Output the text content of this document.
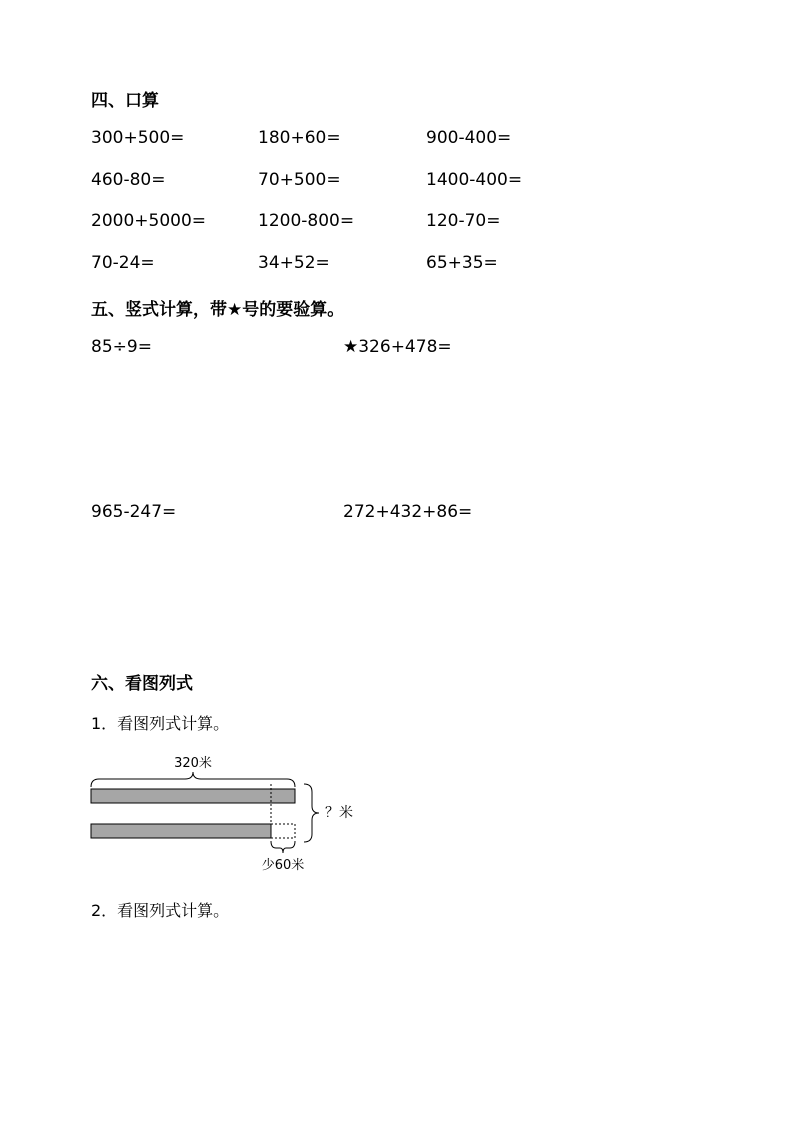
四、口算
300+500=	180+60=	900-400=
460-80=	70+500=	1400-400=
2000+5000=	1200-800=	120-70=
70-24=	34+52=	65+35=
五、竖式计算，带★号的要验算。
85÷9=	★326+478=
965-247=	272+432+86=
六、看图列式
1．看图列式计算。
320米
？米
少60米
2．看图列式计算。
